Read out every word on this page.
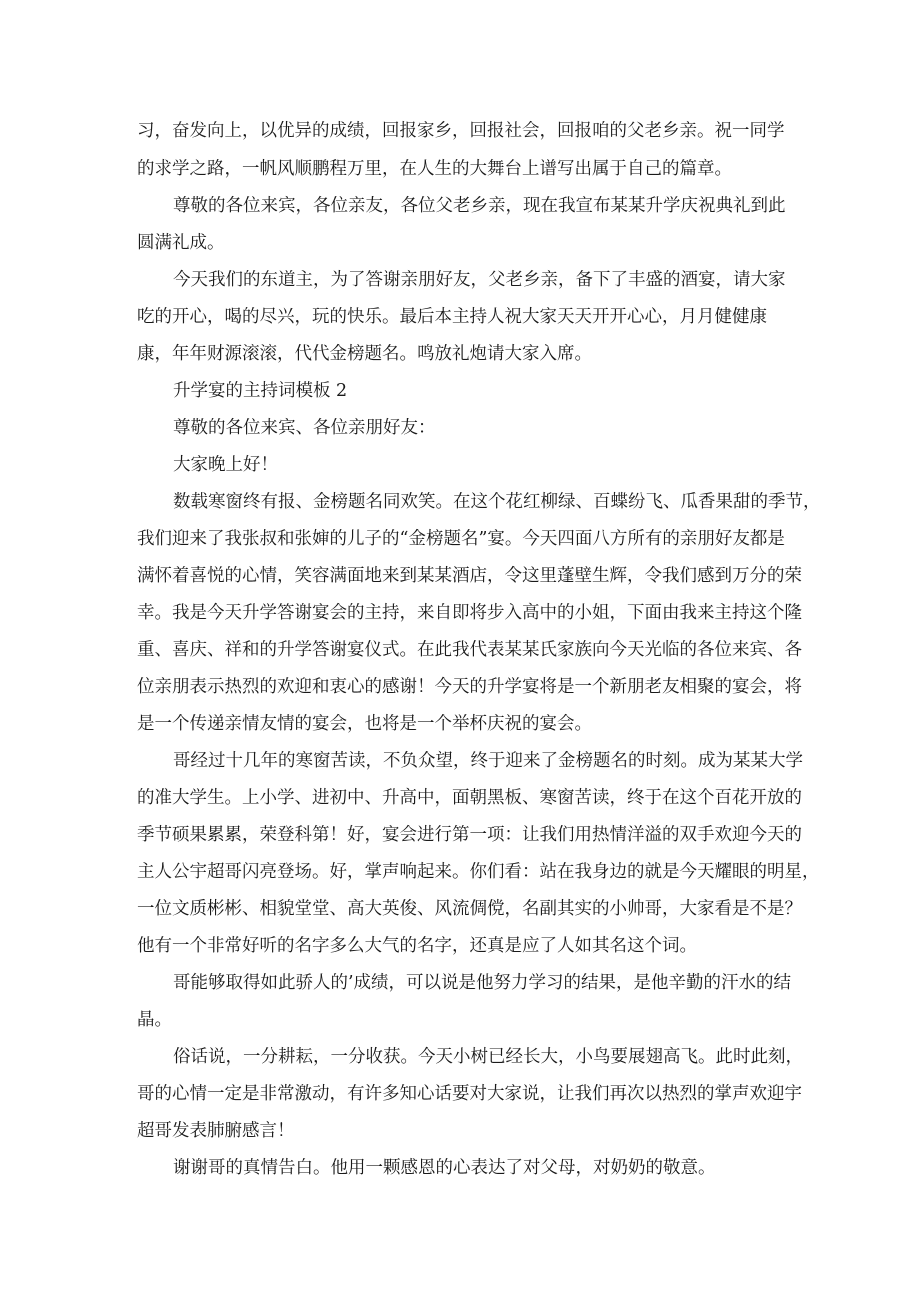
习，奋发向上，以优异的成绩，回报家乡，回报社会，回报咱的父老乡亲。祝一同学

的求学之路，一帆风顺鹏程万里，在人生的大舞台上谱写出属于自己的篇章。

尊敬的各位来宾，各位亲友，各位父老乡亲，现在我宣布某某升学庆祝典礼到此

圆满礼成。

今天我们的东道主，为了答谢亲朋好友，父老乡亲，备下了丰盛的酒宴，请大家

吃的开心，喝的尽兴，玩的快乐。最后本主持人祝大家天天开开心心，月月健健康

康，年年财源滚滚，代代金榜题名。鸣放礼炮请大家入席。

升学宴的主持词模板 2

尊敬的各位来宾、各位亲朋好友：

大家晚上好！

数载寒窗终有报、金榜题名同欢笑。在这个花红柳绿、百蝶纷飞、瓜香果甜的季节，

我们迎来了我张叔和张婶的儿子的“金榜题名”宴。今天四面八方所有的亲朋好友都是

满怀着喜悦的心情，笑容满面地来到某某酒店，令这里蓬壁生辉，令我们感到万分的荣

幸。我是今天升学答谢宴会的主持，来自即将步入高中的小姐，下面由我来主持这个隆

重、喜庆、祥和的升学答谢宴仪式。在此我代表某某氏家族向今天光临的各位来宾、各

位亲朋表示热烈的欢迎和衷心的感谢！今天的升学宴将是一个新朋老友相聚的宴会，将

是一个传递亲情友情的宴会，也将是一个举杯庆祝的宴会。

哥经过十几年的寒窗苦读，不负众望，终于迎来了金榜题名的时刻。成为某某大学

的准大学生。上小学、进初中、升高中，面朝黑板、寒窗苦读，终于在这个百花开放的

季节硕果累累，荣登科第！好，宴会进行第一项：让我们用热情洋溢的双手欢迎今天的

主人公宇超哥闪亮登场。好，掌声响起来。你们看：站在我身边的就是今天耀眼的明星，

一位文质彬彬、相貌堂堂、高大英俊、风流倜傥，名副其实的小帅哥，大家看是不是？

他有一个非常好听的名字多么大气的名字，还真是应了人如其名这个词。

哥能够取得如此骄人的’成绩，可以说是他努力学习的结果，是他辛勤的汗水的结

晶。

俗话说，一分耕耘，一分收获。今天小树已经长大，小鸟要展翅高飞。此时此刻，

哥的心情一定是非常激动，有许多知心话要对大家说，让我们再次以热烈的掌声欢迎宇

超哥发表肺腑感言！

谢谢哥的真情告白。他用一颗感恩的心表达了对父母，对奶奶的敬意。
